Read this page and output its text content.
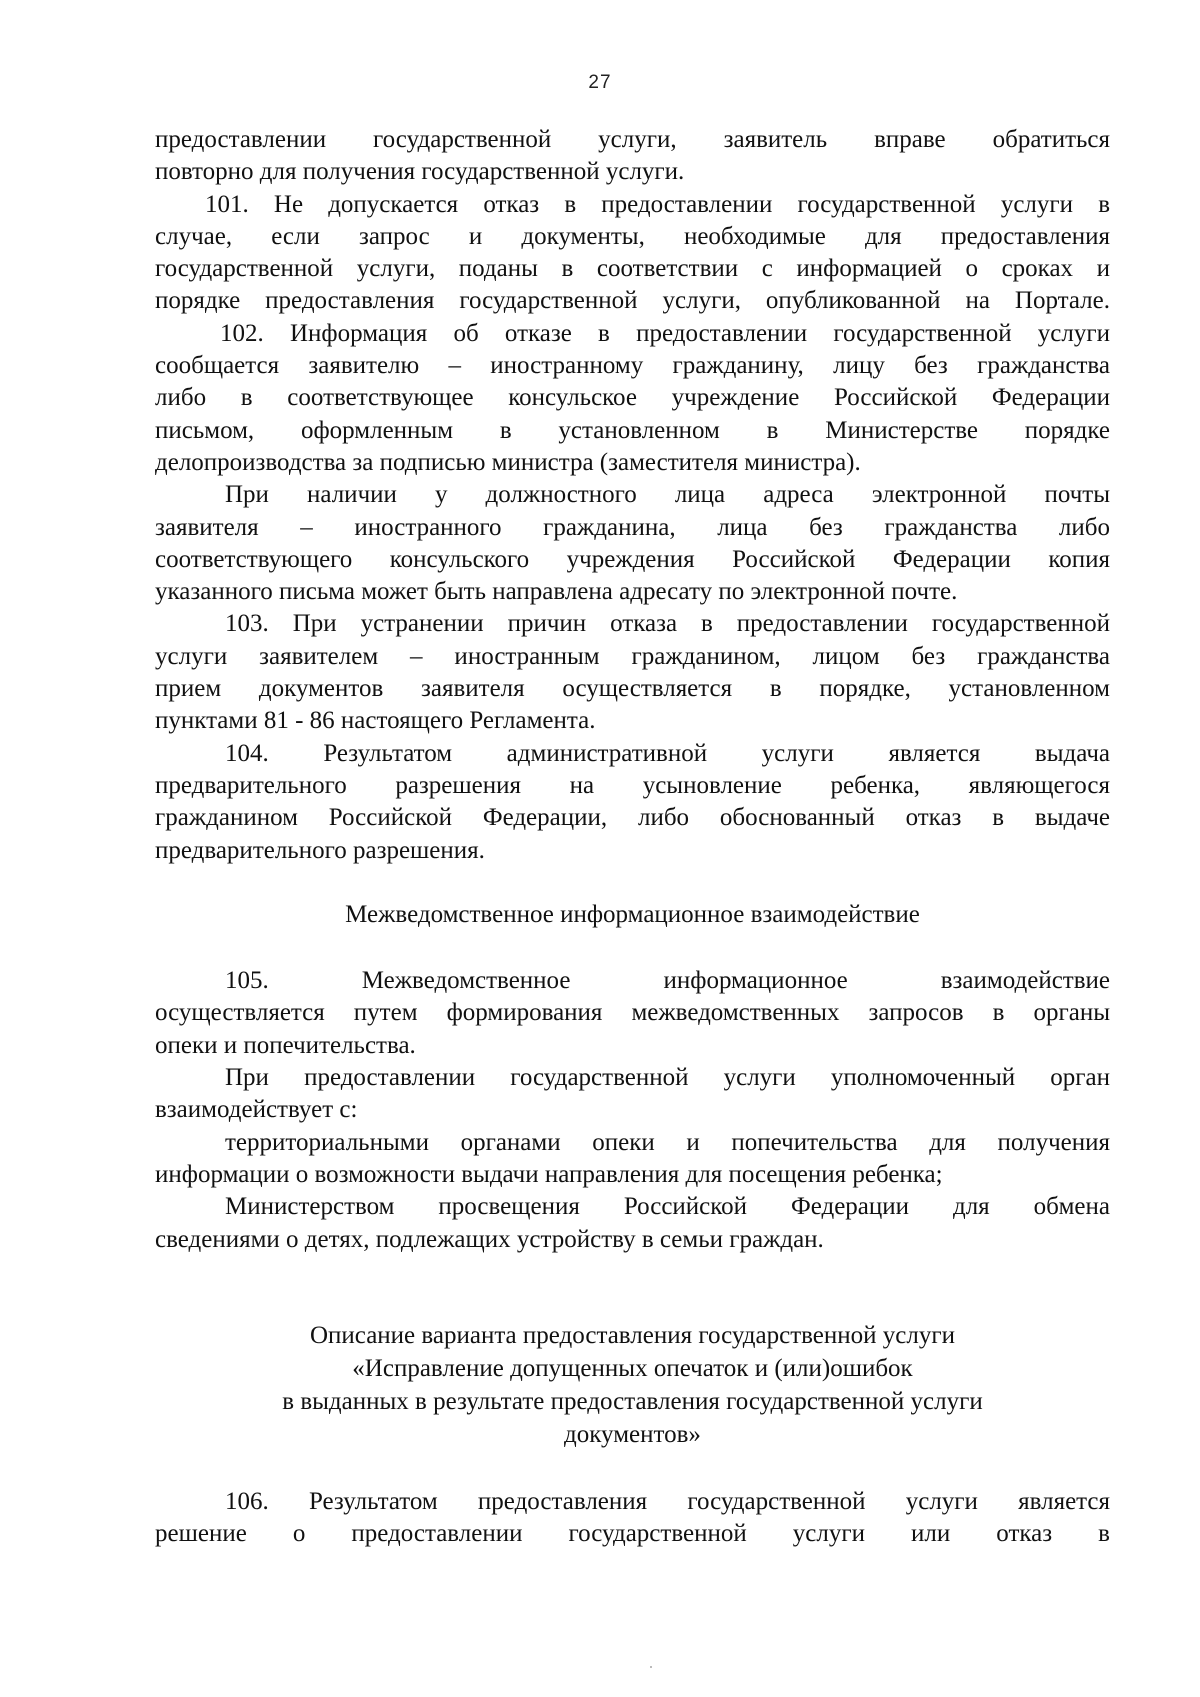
27
предоставлении государственной услуги, заявитель вправе обратиться
повторно для получения государственной услуги.
101. Не допускается отказ в предоставлении государственной услуги в
случае, если запрос и документы, необходимые для предоставления
государственной услуги, поданы в соответствии с информацией о сроках и
порядке предоставления государственной услуги, опубликованной на Портале.
102. Информация об отказе в предоставлении государственной услуги
сообщается заявителю – иностранному гражданину, лицу без гражданства
либо в соответствующее консульское учреждение Российской Федерации
письмом, оформленным в установленном в Министерстве порядке
делопроизводства за подписью министра (заместителя министра).
При наличии у должностного лица адреса электронной почты
заявителя – иностранного гражданина, лица без гражданства либо
соответствующего консульского учреждения Российской Федерации копия
указанного письма может быть направлена адресату по электронной почте.
103. При устранении причин отказа в предоставлении государственной
услуги заявителем – иностранным гражданином, лицом без гражданства
прием документов заявителя осуществляется в порядке, установленном
пунктами 81 - 86 настоящего Регламента.
104. Результатом административной услуги является выдача
предварительного разрешения на усыновление ребенка, являющегося
гражданином Российской Федерации, либо обоснованный отказ в выдаче
предварительного разрешения.
Межведомственное информационное взаимодействие
105. Межведомственное информационное взаимодействие
осуществляется путем формирования межведомственных запросов в органы
опеки и попечительства.
При предоставлении государственной услуги уполномоченный орган
взаимодействует с:
территориальными органами опеки и попечительства для получения
информации о возможности выдачи направления для посещения ребенка;
Министерством просвещения Российской Федерации для обмена
сведениями о детях, подлежащих устройству в семьи граждан.
Описание варианта предоставления государственной услуги
«Исправление допущенных опечаток и (или)ошибок
в выданных в результате предоставления государственной услуги
документов»
106. Результатом предоставления государственной услуги является
решение о предоставлении государственной услуги или отказ в
